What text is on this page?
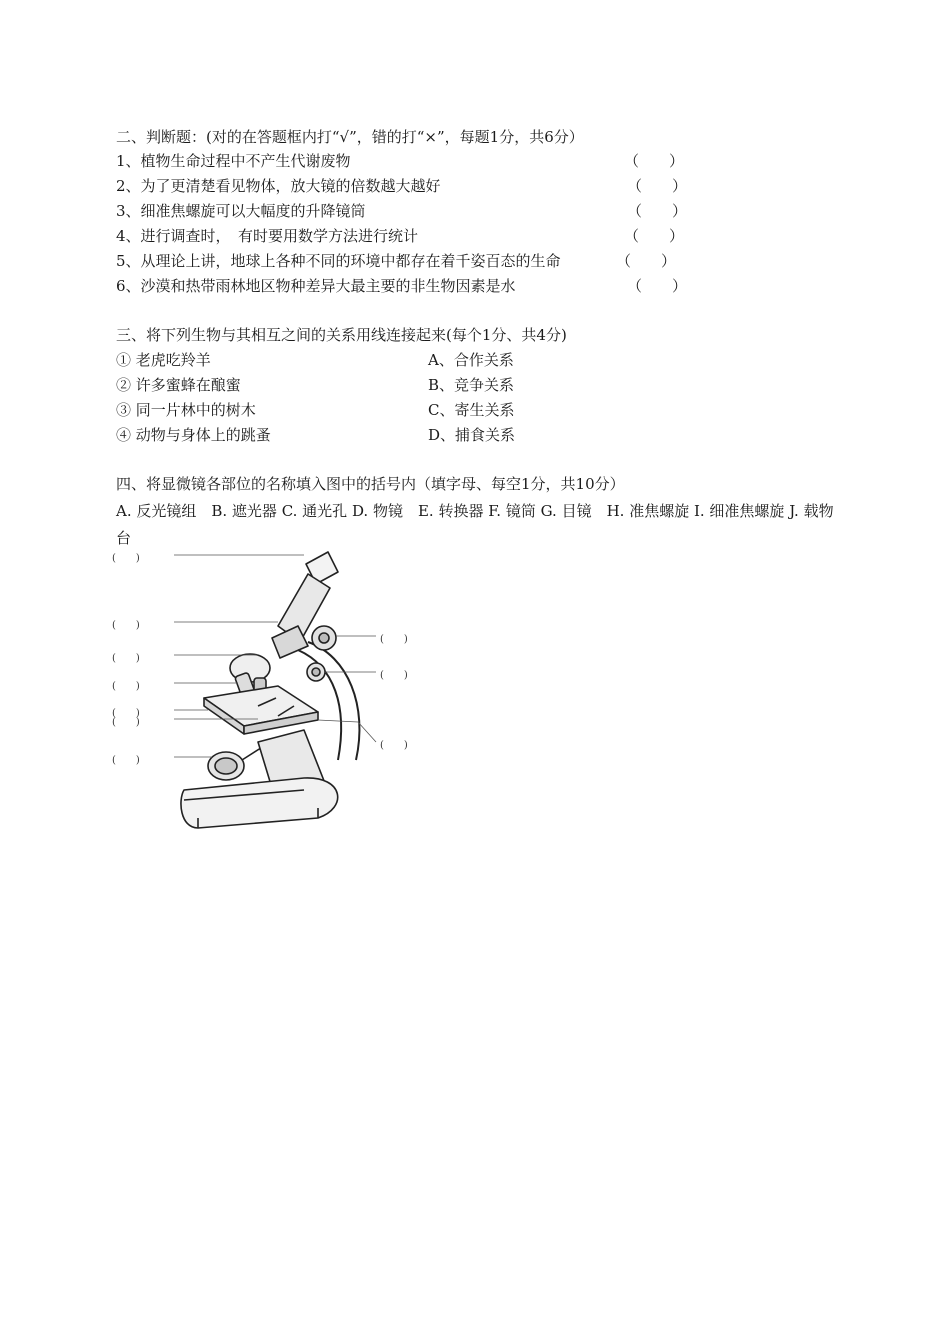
二、判断题：(对的在答题框内打“√”，错的打“×”，每题1分，共6分）
1、植物生命过程中不产生代谢废物	（　　）
2、为了更清楚看见物体，放大镜的倍数越大越好	（　　）
3、细准焦螺旋可以大幅度的升降镜筒	（　　）
4、进行调查时，　有时要用数学方法进行统计	（　　）
5、从理论上讲，地球上各种不同的环境中都存在着千姿百态的生命	（　　）
6、沙漠和热带雨林地区物种差异大最主要的非生物因素是水	（　　）
三、将下列生物与其相互之间的关系用线连接起来(每个1分、共4分)
① 老虎吃羚羊	A、合作关系
② 许多蜜蜂在酿蜜	B、竞争关系
③ 同一片林中的树木	C、寄生关系
④ 动物与身体上的跳蚤	D、捕食关系
四、将显微镜各部位的名称填入图中的括号内（填字母、每空1分，共10分）
A. 反光镜组　B. 遮光器 C. 通光孔 D. 物镜　E. 转换器 F. 镜筒 G. 目镜　H. 准焦螺旋 I. 细准焦螺旋 J. 载物台
(　　)
(　　)
(　　)
(　　)
(　　)
(　　)
(　　)
(　　)
(　　)
(　　)
